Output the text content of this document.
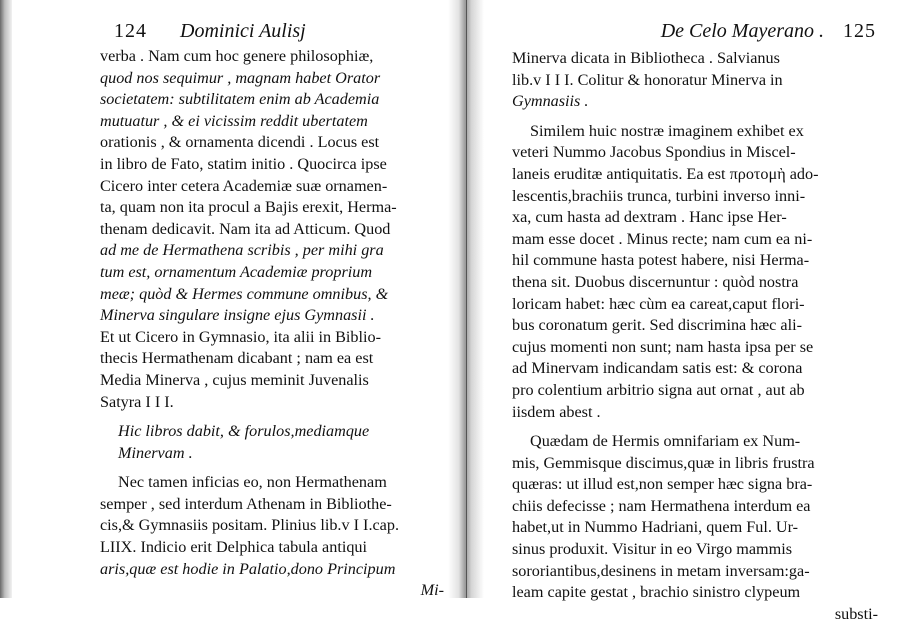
124 Dominici Aulisj
verba . Nam cum hoc genere philosophiæ,
quod nos sequimur , magnam habet Orator
societatem: subtilitatem enim ab Academia
mutuatur , & ei vicissim reddit ubertatem
orationis , & ornamenta dicendi . Locus est
in libro de Fato, statim initio . Quocirca ipse
Cicero inter cetera Academiæ suæ ornamen-
ta, quam non ita procul a Bajis erexit, Herma-
thenam dedicavit. Nam ita ad Atticum. Quod
ad me de Hermathena scribis , per mihi gra
tum est, ornamentum Academiæ proprium
meæ; quòd & Hermes commune omnibus, &
Minerva singulare insigne ejus Gymnasii .
Et ut Cicero in Gymnasio, ita alii in Biblio-
thecis Hermathenam dicabant ; nam ea est
Media Minerva , cujus meminit Juvenalis
Satyra I I I.
Hic libros dabit, & forulos,mediamque
Minervam .
Nec tamen inficias eo, non Hermathenam
semper , sed interdum Athenam in Bibliothe-
cis,& Gymnasiis positam. Plinius lib.v I I.cap.
LIIX. Indicio erit Delphica tabula antiqui
aris,quæ est hodie in Palatio,dono Principum
Mi-
De Celo Mayerano . 125
Minerva dicata in Bibliotheca . Salvianus
lib.v I I I. Colitur & honoratur Minerva in
Gymnasiis .
Similem huic nostræ imaginem exhibet ex
veteri Nummo Jacobus Spondius in Miscel-
laneis eruditæ antiquitatis. Ea est προτομὴ ado-
lescentis,brachiis trunca, turbini inverso inni-
xa, cum hasta ad dextram . Hanc ipse Her-
mam esse docet . Minus recte; nam cum ea ni-
hil commune hasta potest habere, nisi Herma-
thena sit. Duobus discernuntur : quòd nostra
loricam habet: hæc cùm ea careat,caput flori-
bus coronatum gerit. Sed discrimina hæc ali-
cujus momenti non sunt; nam hasta ipsa per se
ad Minervam indicandam satis est: & corona
pro colentium arbitrio signa aut ornat , aut ab
iisdem abest .
Quædam de Hermis omnifariam ex Num-
mis, Gemmisque discimus,quæ in libris frustra
quæras: ut illud est,non semper hæc signa bra-
chiis defecisse ; nam Hermathena interdum ea
habet,ut in Nummo Hadriani, quem Ful. Ur-
sinus produxit. Visitur in eo Virgo mammis
sororiantibus,desinens in metam inversam:ga-
leam capite gestat , brachio sinistro clypeum
substi-
